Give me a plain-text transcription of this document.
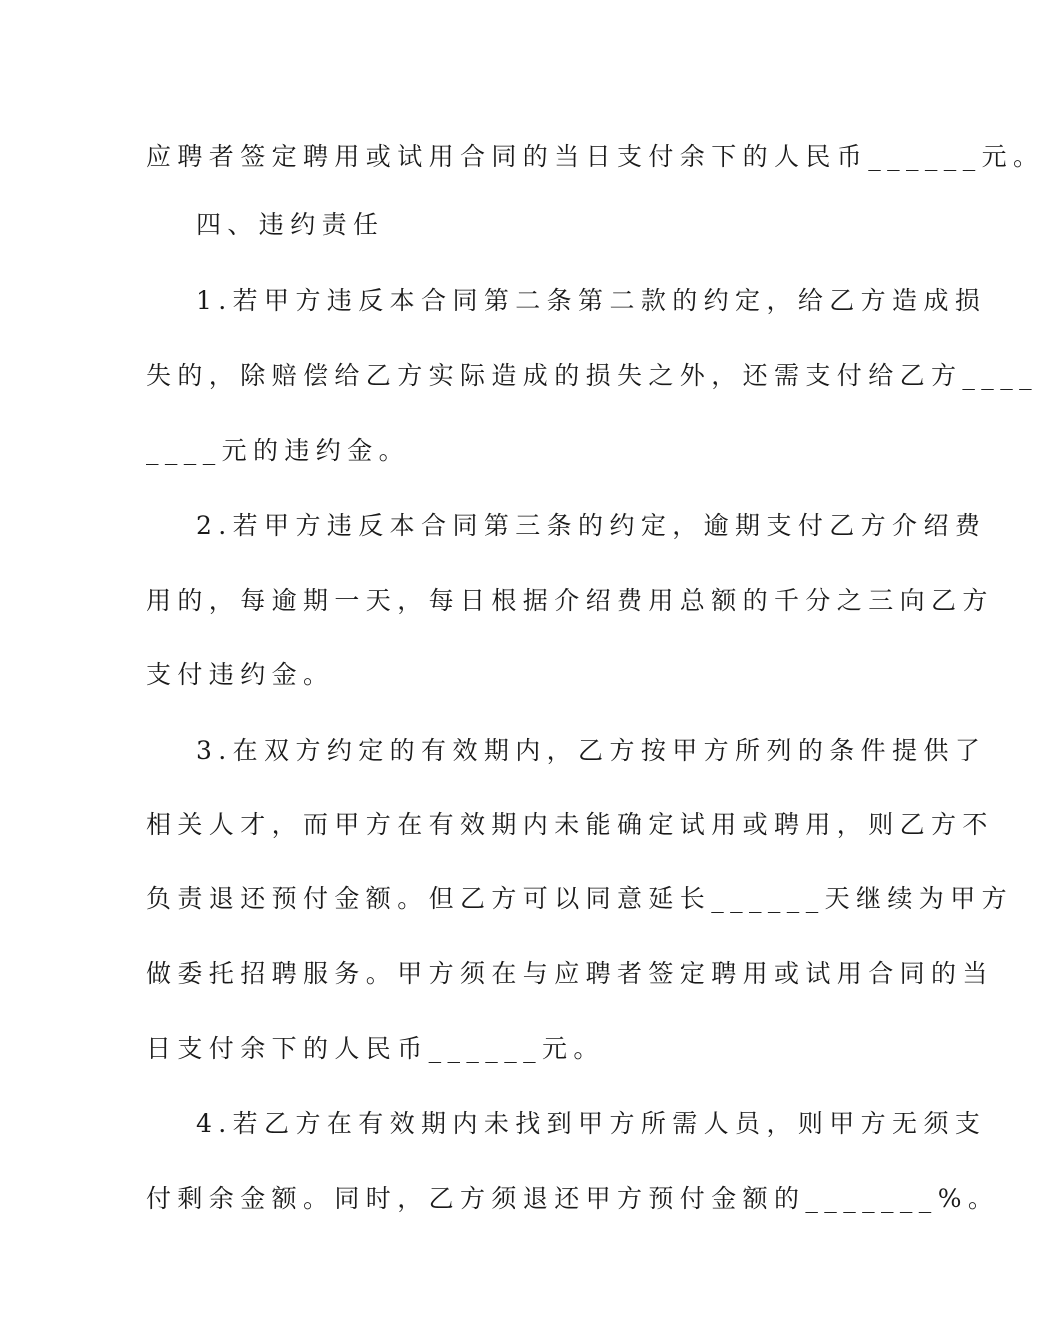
应聘者签定聘用或试用合同的当日支付余下的人民币______元。
四、违约责任
1.若甲方违反本合同第二条第二款的约定，给乙方造成损
失的，除赔偿给乙方实际造成的损失之外，还需支付给乙方____
____元的违约金。
2.若甲方违反本合同第三条的约定，逾期支付乙方介绍费
用的，每逾期一天，每日根据介绍费用总额的千分之三向乙方
支付违约金。
3.在双方约定的有效期内，乙方按甲方所列的条件提供了
相关人才，而甲方在有效期内未能确定试用或聘用，则乙方不
负责退还预付金额。但乙方可以同意延长______天继续为甲方
做委托招聘服务。甲方须在与应聘者签定聘用或试用合同的当
日支付余下的人民币______元。
4.若乙方在有效期内未找到甲方所需人员，则甲方无须支
付剩余金额。同时，乙方须退还甲方预付金额的_______%。
